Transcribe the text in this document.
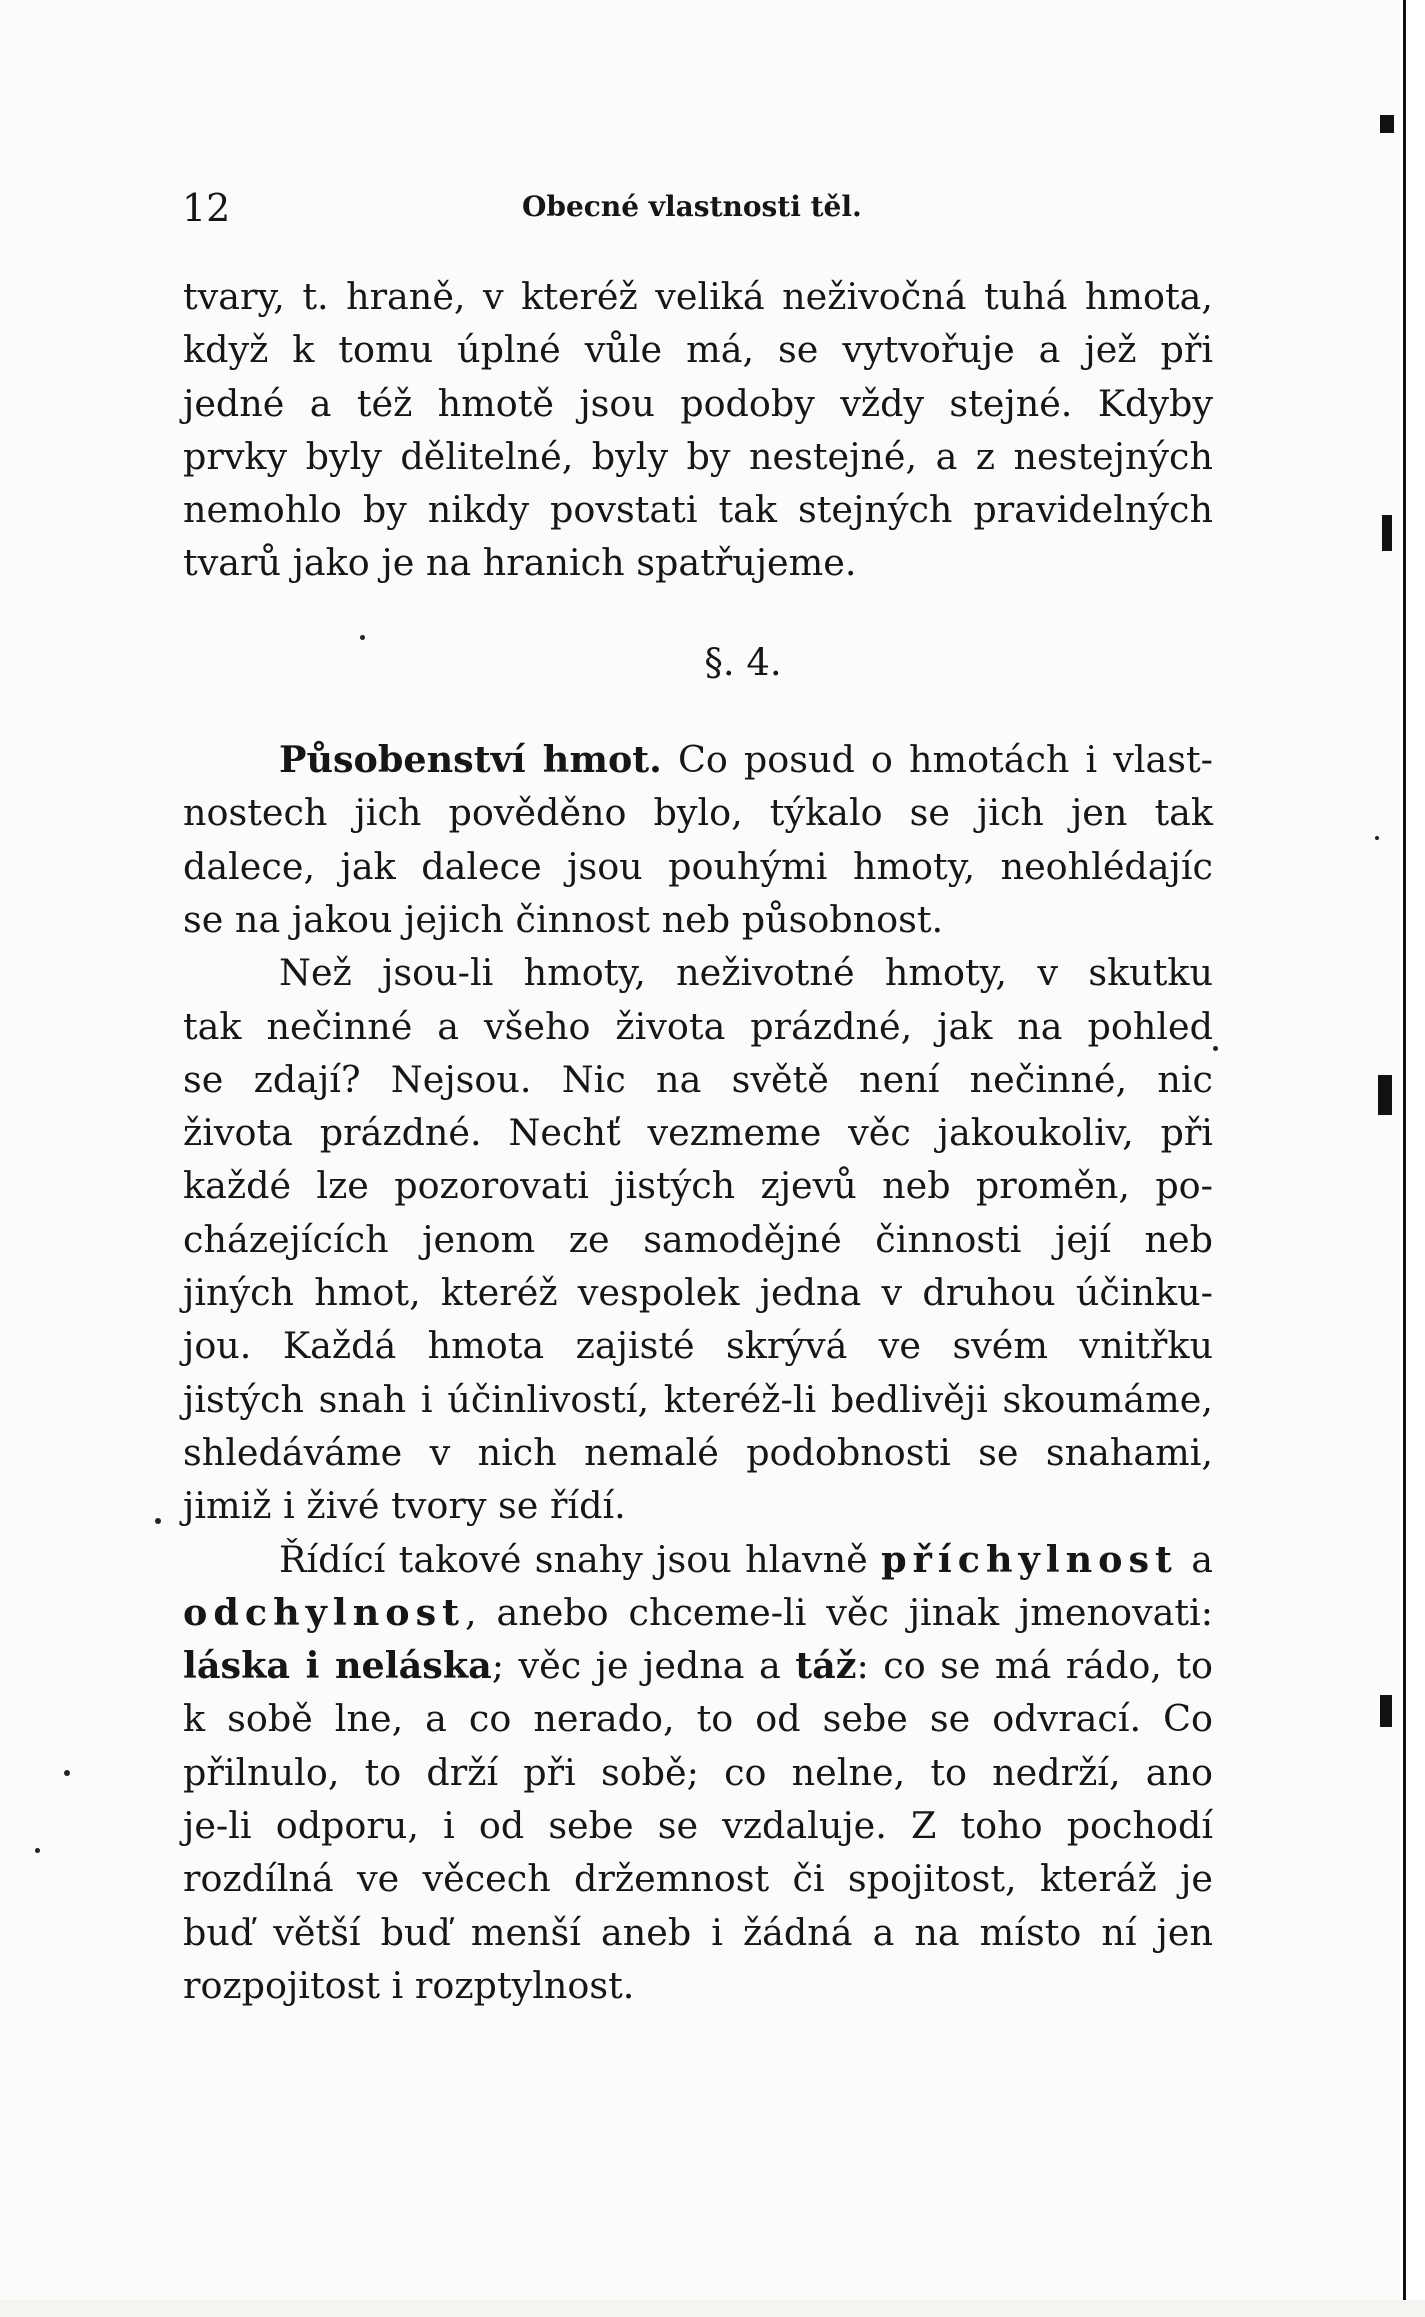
12	Obecné vlastnosti těl.
tvary, t. hraně, v kteréž veliká neživočná tuhá hmota,
když k tomu úplné vůle má, se vytvořuje a jež při
jedné a též hmotě jsou podoby vždy stejné. Kdyby
prvky byly dělitelné, byly by nestejné, a z nestejných
nemohlo by nikdy povstati tak stejných pravidelných
tvarů jako je na hranich spatřujeme.
§. 4.
Působenství hmot. Co posud o hmotách i vlast-
nostech jich pověděno bylo, týkalo se jich jen tak
dalece, jak dalece jsou pouhými hmoty, neohlédajíc
se na jakou jejich činnost neb působnost.
Než jsou-li hmoty, neživotné hmoty, v skutku
tak nečinné a všeho života prázdné, jak na pohled
se zdají? Nejsou. Nic na světě není nečinné, nic
života prázdné. Nechť vezmeme věc jakoukoliv, při
každé lze pozorovati jistých zjevů neb proměn, po-
cházejících jenom ze samodějné činnosti její neb
jiných hmot, kteréž vespolek jedna v druhou účinku-
jou. Každá hmota zajisté skrývá ve svém vnitřku
jistých snah i účinlivostí, kteréž-li bedlivěji skoumáme,
shledáváme v nich nemalé podobnosti se snahami,
jimiž i živé tvory se řídí.
Řídící takové snahy jsou hlavně příchylnost a
odchylnost, anebo chceme-li věc jinak jmenovati:
láska i neláska; věc je jedna a táž: co se má rádo, to
k sobě lne, a co nerado, to od sebe se odvrací. Co
přilnulo, to drží při sobě; co nelne, to nedrží, ano
je-li odporu, i od sebe se vzdaluje. Z toho pochodí
rozdílná ve věcech držemnost či spojitost, kteráž je
buď větší buď menší aneb i žádná a na místo ní jen
rozpojitost i rozptylnost.
